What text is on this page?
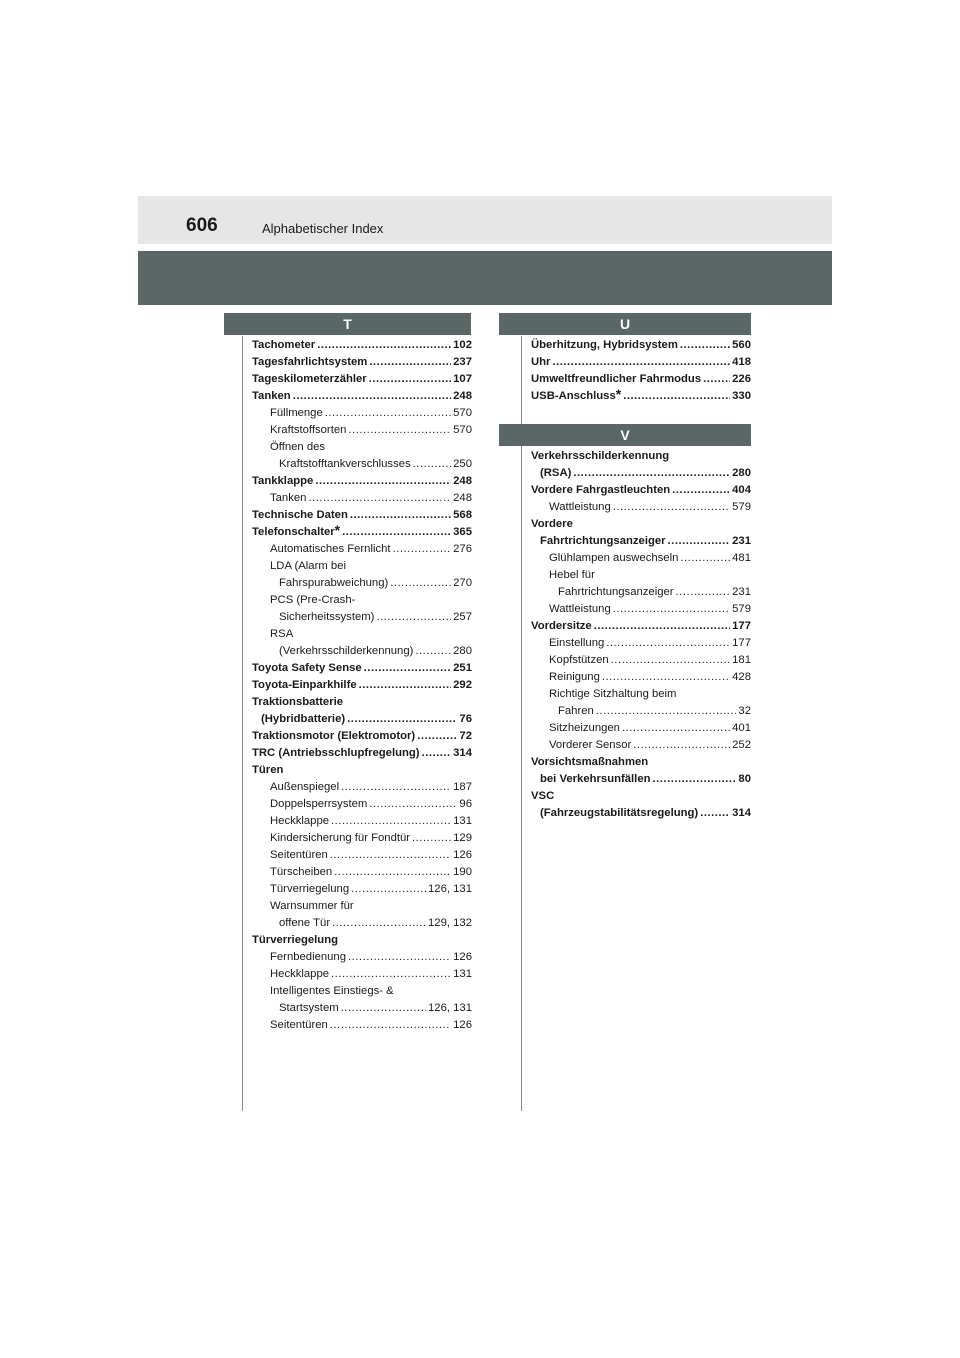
606	Alphabetischer Index
T
Tachometer .....	102
Tagesfahrlichtsystem .....	237
Tageskilometerzähler .....	107
Tanken .....	248
Füllmenge .....	570
Kraftstoffsorten .....	570
Öffnen des
Kraftstofftankverschlusses .....	250
Tankklappe .....	248
Tanken .....	248
Technische Daten .....	568
Telefonschalter * .....	365
Automatisches Fernlicht .....	276
LDA (Alarm bei
Fahrspurabweichung) .....	270
PCS (Pre-Crash-
Sicherheitssystem) .....	257
RSA
(Verkehrsschilderkennung) .....	280
Toyota Safety Sense .....	251
Toyota-Einparkhilfe .....	292
Traktionsbatterie
(Hybridbatterie) .....	76
Traktionsmotor (Elektromotor) .....	72
TRC (Antriebsschlupfregelung) .....	314
Türen
Außenspiegel .....	187
Doppelsperrsystem .....	96
Heckklappe .....	131
Kindersicherung für Fondtür .....	129
Seitentüren .....	126
Türscheiben .....	190
Türverriegelung .....	126, 131
Warnsummer für
offene Tür .....	129, 132
Türverriegelung
Fernbedienung .....	126
Heckklappe .....	131
Intelligentes Einstiegs- &
Startsystem .....	126, 131
Seitentüren .....	126
U
Überhitzung, Hybridsystem .....	560
Uhr .....	418
Umweltfreundlicher Fahrmodus .....	226
USB-Anschluss * .....	330
V
Verkehrsschilderkennung
(RSA) .....	280
Vordere Fahrgastleuchten .....	404
Wattleistung .....	579
Vordere
Fahrtrichtungsanzeiger .....	231
Glühlampen auswechseln .....	481
Hebel für
Fahrtrichtungsanzeiger .....	231
Wattleistung .....	579
Vordersitze .....	177
Einstellung .....	177
Kopfstützen .....	181
Reinigung .....	428
Richtige Sitzhaltung beim
Fahren .....	32
Sitzheizungen .....	401
Vorderer Sensor .....	252
Vorsichtsmaßnahmen
bei Verkehrsunfällen .....	80
VSC
(Fahrzeugstabilitätsregelung) .....	314
